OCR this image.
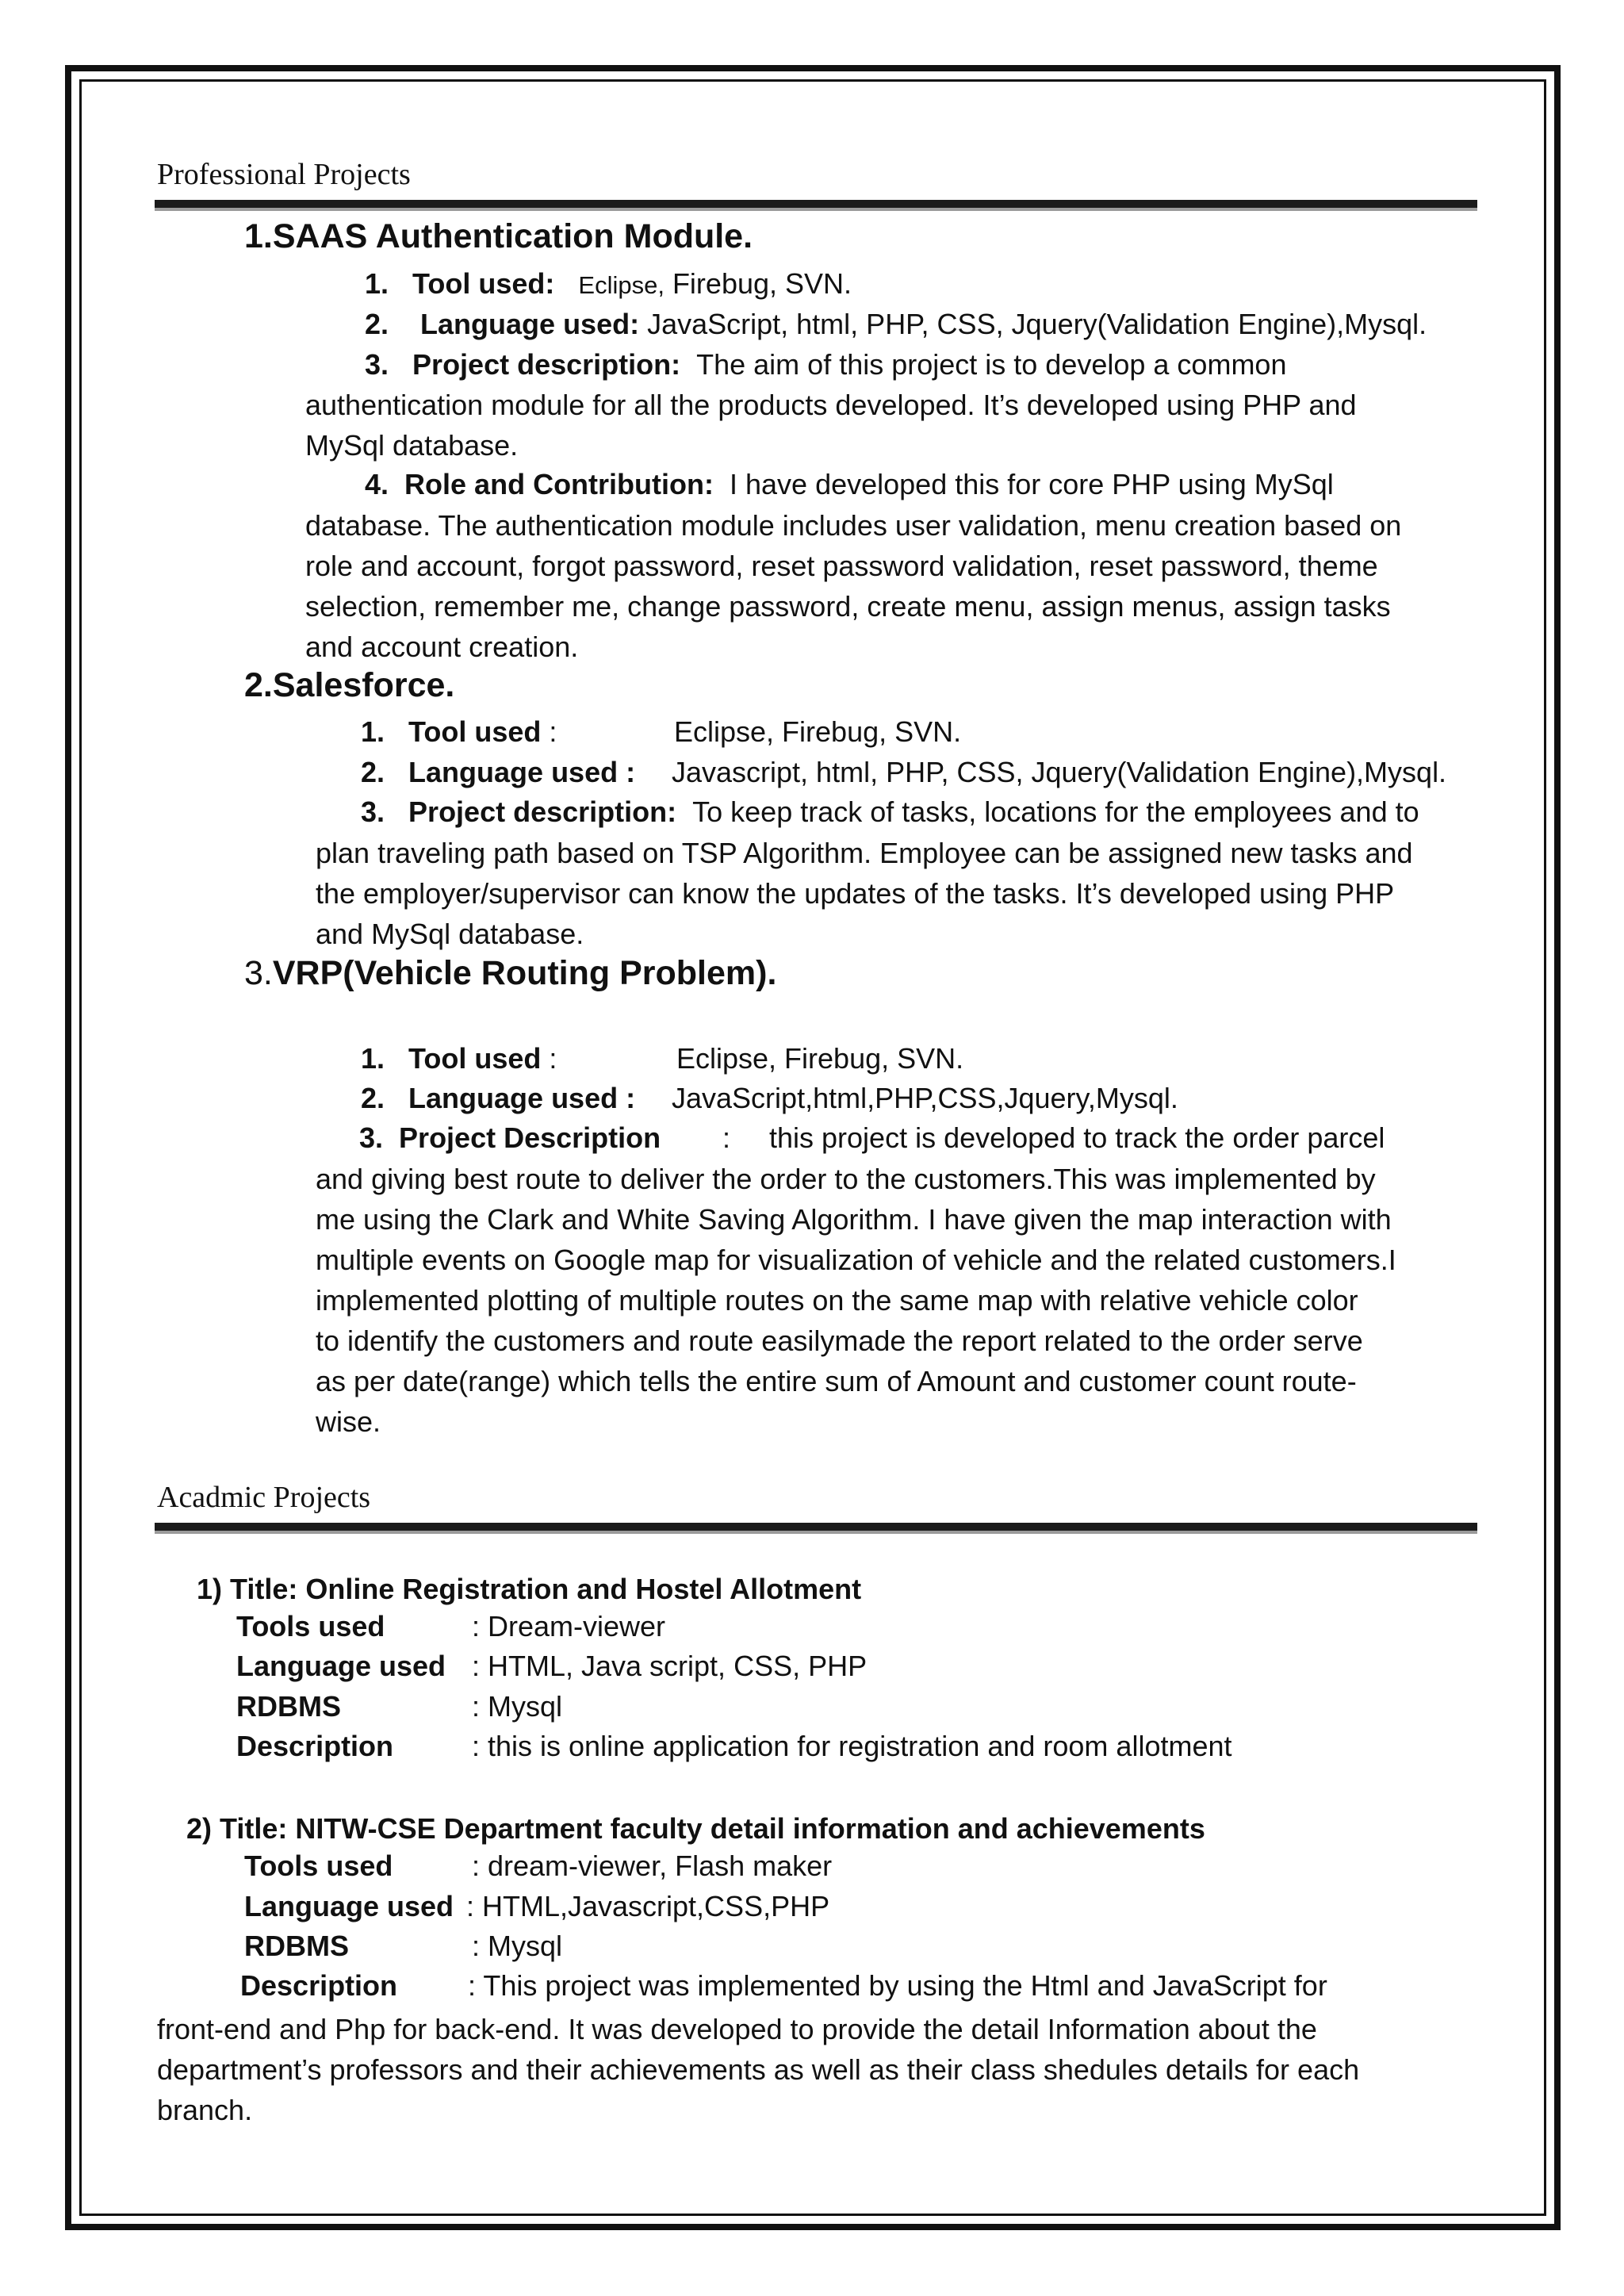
Professional Projects
1.SAAS Authentication Module.
1. Tool used: Eclipse, Firebug, SVN.
2. Language used: JavaScript, html, PHP, CSS, Jquery(Validation Engine),Mysql.
3. Project description: The aim of this project is to develop a common
authentication module for all the products developed. It’s developed using PHP and
MySql database.
4. Role and Contribution: I have developed this for core PHP using MySql
database. The authentication module includes user validation, menu creation based on
role and account, forgot password, reset password validation, reset password, theme
selection, remember me, change password, create menu, assign menus, assign tasks
and account creation.
2.Salesforce.
1. Tool used :	Eclipse, Firebug, SVN.
2. Language used : Javascript, html, PHP, CSS, Jquery(Validation Engine),Mysql.
3. Project description: To keep track of tasks, locations for the employees and to
plan traveling path based on TSP Algorithm. Employee can be assigned new tasks and
the employer/supervisor can know the updates of the tasks. It’s developed using PHP
and MySql database.
3.VRP(Vehicle Routing Problem).
1. Tool used :	Eclipse, Firebug, SVN.
2. Language used : JavaScript,html,PHP,CSS,Jquery,Mysql.
3. Project Description : this project is developed to track the order parcel
and giving best route to deliver the order to the customers.This was implemented by
me using the Clark and White Saving Algorithm. I have given the map interaction with
multiple events on Google map for visualization of vehicle and the related customers.I
implemented plotting of multiple routes on the same map with relative vehicle color
to identify the customers and route easilymade the report related to the order serve
as per date(range) which tells the entire sum of Amount and customer count route-
wise.
Acadmic Projects
1) Title: Online Registration and Hostel Allotment
Tools used	: Dream-viewer
Language used : HTML, Java script, CSS, PHP
RDBMS	: Mysql
Description	: this is online application for registration and room allotment
2) Title: NITW-CSE Department faculty detail information and achievements
Tools used	: dream-viewer, Flash maker
Language used : HTML,Javascript,CSS,PHP
RDBMS	: Mysql
Description : This project was implemented by using the Html and JavaScript for
front-end and Php for back-end. It was developed to provide the detail Information about the
department’s professors and their achievements as well as their class shedules details for each
branch.
